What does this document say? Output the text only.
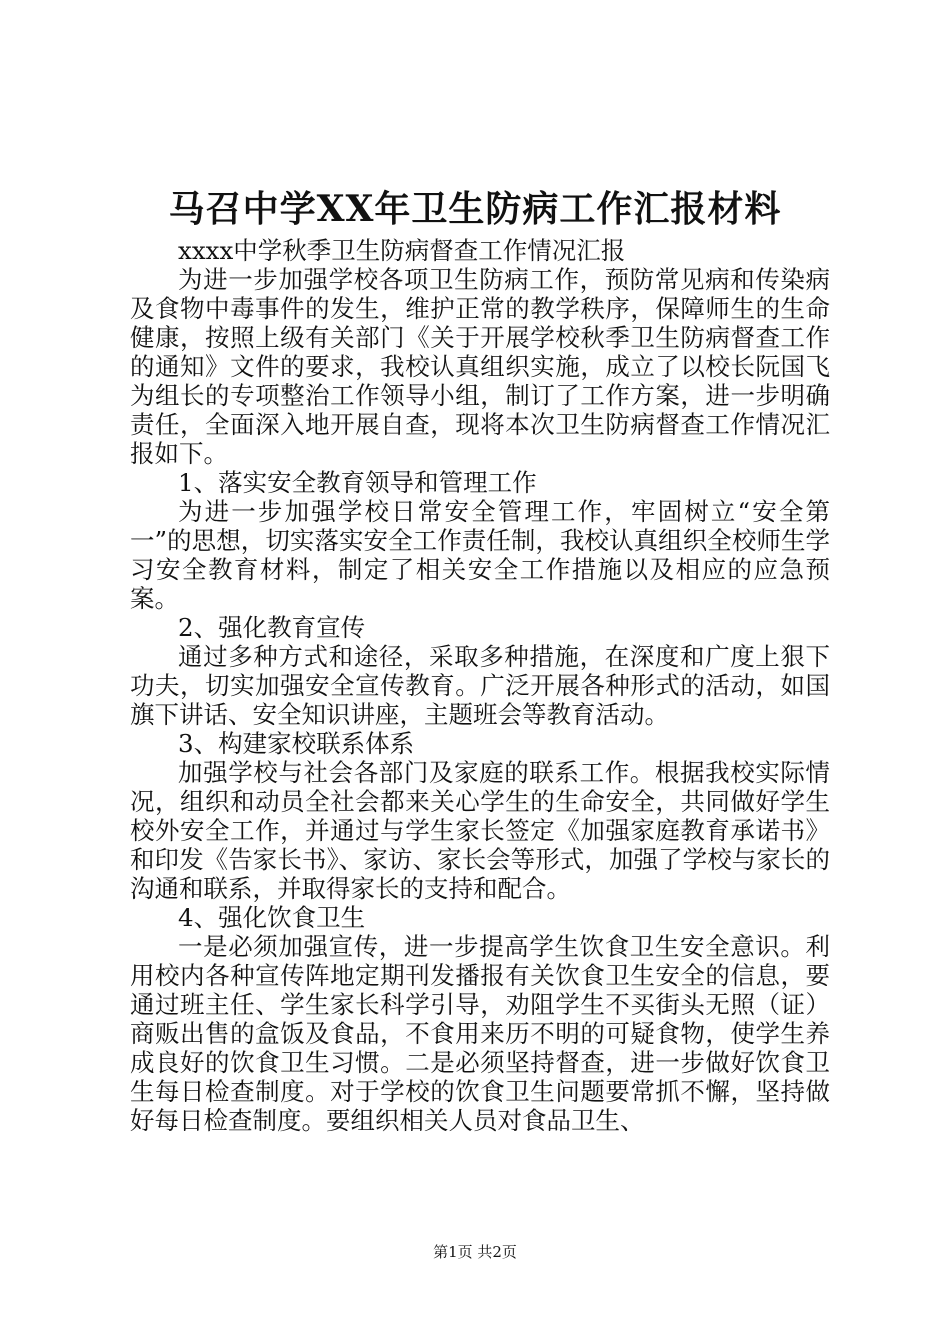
马召中学XX年卫生防病工作汇报材料

xxxx中学秋季卫生防病督查工作情况汇报

为进一步加强学校各项卫生防病工作，预防常见病和传染病及食物中毒事件的发生，维护正常的教学秩序，保障师生的生命健康，按照上级有关部门《关于开展学校秋季卫生防病督查工作的通知》文件的要求，我校认真组织实施，成立了以校长阮国飞为组长的专项整治工作领导小组，制订了工作方案，进一步明确责任，全面深入地开展自查，现将本次卫生防病督查工作情况汇报如下。

1、落实安全教育领导和管理工作

为进一步加强学校日常安全管理工作，牢固树立“安全第一”的思想，切实落实安全工作责任制，我校认真组织全校师生学习安全教育材料，制定了相关安全工作措施以及相应的应急预案。

2、强化教育宣传

通过多种方式和途径，采取多种措施，在深度和广度上狠下功夫，切实加强安全宣传教育。广泛开展各种形式的活动，如国旗下讲话、安全知识讲座，主题班会等教育活动。

3、构建家校联系体系

加强学校与社会各部门及家庭的联系工作。根据我校实际情况，组织和动员全社会都来关心学生的生命安全，共同做好学生校外安全工作，并通过与学生家长签定《加强家庭教育承诺书》和印发《告家长书》、家访、家长会等形式，加强了学校与家长的沟通和联系，并取得家长的支持和配合。

4、强化饮食卫生

一是必须加强宣传，进一步提高学生饮食卫生安全意识。利用校内各种宣传阵地定期刊发播报有关饮食卫生安全的信息，要通过班主任、学生家长科学引导，劝阻学生不买街头无照（证）商贩出售的盒饭及食品，不食用来历不明的可疑食物，使学生养成良好的饮食卫生习惯。二是必须坚持督查，进一步做好饮食卫生每日检查制度。对于学校的饮食卫生问题要常抓不懈，坚持做好每日检查制度。要组织相关人员对食品卫生、

第1页 共2页
